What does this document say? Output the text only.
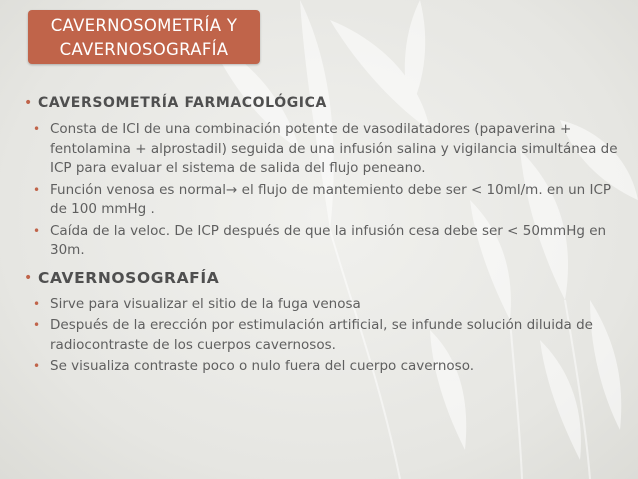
CAVERNOSOMETRÍA Y
CAVERNOSOGRAFÍA
• CAVERSOMETRÍA FARMACOLÓGICA
• Consta de ICI de una combinación potente de vasodilatadores (papaverina + fentolamina + alprostadil) seguida de una infusión salina y vigilancia simultánea de ICP para evaluar el sistema de salida del flujo peneano.
• Función venosa es normal→ el flujo de mantemiento debe ser < 10ml/m. en un ICP de 100 mmHg .
• Caída de la veloc. De ICP después de que la infusión cesa debe ser < 50mmHg en 30m.
• CAVERNOSOGRAFÍA
• Sirve para visualizar el sitio de la fuga venosa
• Después de la erección por estimulación artificial, se infunde solución diluida de radiocontraste de los cuerpos cavernosos.
• Se visualiza contraste poco o nulo fuera del cuerpo cavernoso.
